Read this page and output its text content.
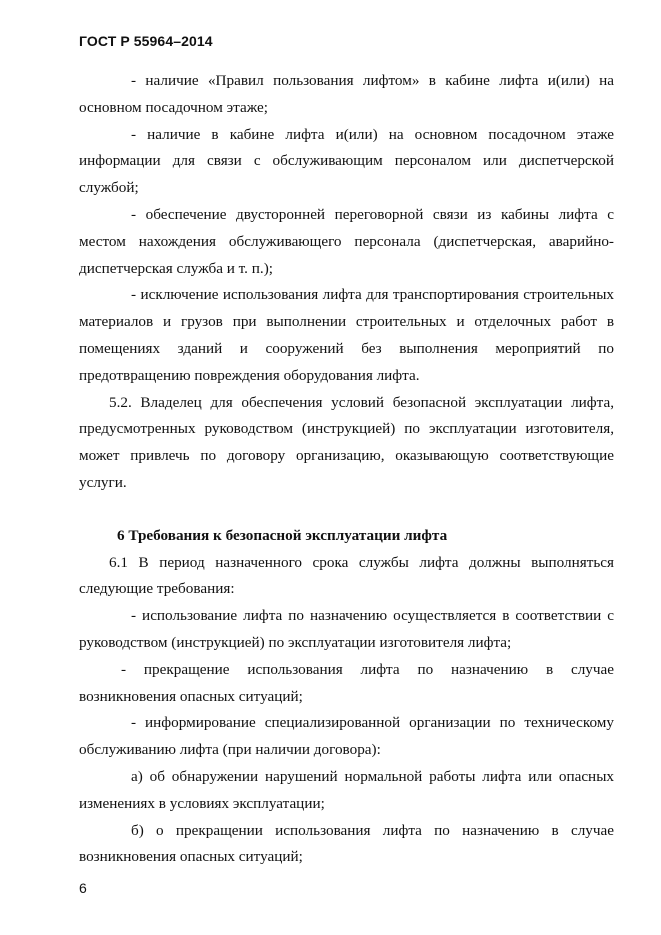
ГОСТ Р 55964–2014

- наличие «Правил пользования лифтом» в кабине лифта и(или) на основном посадочном этаже;

- наличие в кабине лифта и(или) на основном посадочном этаже информации для связи с обслуживающим персоналом или диспетчерской службой;

- обеспечение двусторонней переговорной связи из кабины лифта с местом нахождения обслуживающего персонала (диспетчерская, аварийно-диспетчерская служба и т. п.);

- исключение использования лифта для транспортирования строительных материалов и грузов при выполнении строительных и отделочных работ в помещениях зданий и сооружений без выполнения мероприятий по предотвращению повреждения оборудования лифта.

5.2. Владелец для обеспечения условий безопасной эксплуатации лифта, предусмотренных руководством (инструкцией) по эксплуатации изготовителя, может привлечь по договору организацию, оказывающую соответствующие услуги.

6 Требования к безопасной эксплуатации лифта

6.1 В период назначенного срока службы лифта должны выполняться следующие требования:

- использование лифта по назначению осуществляется в соответствии с руководством (инструкцией) по эксплуатации изготовителя лифта;

- прекращение использования лифта по назначению в случае возникновения опасных ситуаций;

- информирование специализированной организации по техническому обслуживанию лифта (при наличии договора):

а) об обнаружении нарушений нормальной работы лифта или опасных изменениях в условиях эксплуатации;

б) о прекращении использования лифта по назначению в случае возникновения опасных ситуаций;

6
